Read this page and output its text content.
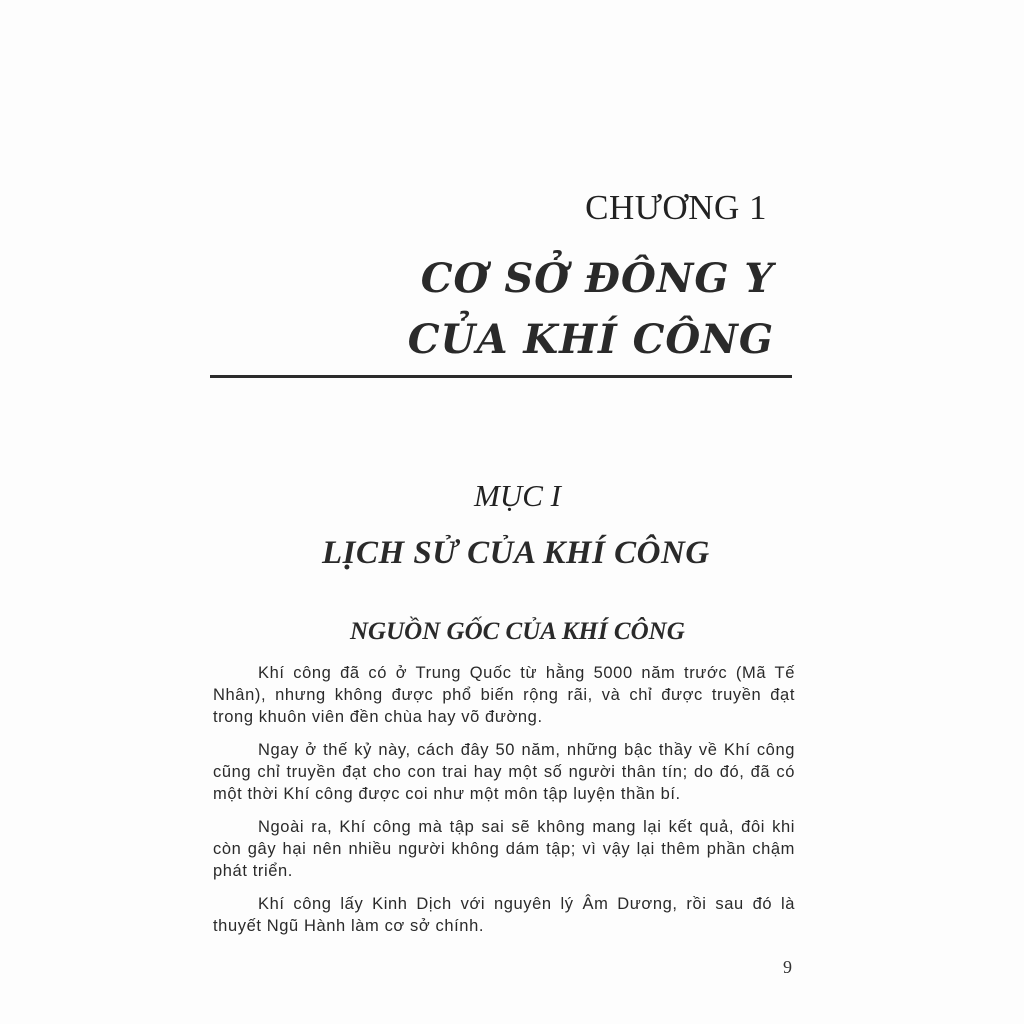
CHƯƠNG 1
CƠ SỞ ĐÔNG Y
CỦA KHÍ CÔNG
MỤC I
LỊCH SỬ CỦA KHÍ CÔNG
NGUỒN GỐC CỦA KHÍ CÔNG

Khí công đã có ở Trung Quốc từ hằng 5000 năm trước (Mã Tế Nhân), nhưng không được phổ biến rộng rãi, và chỉ được truyền đạt trong khuôn viên đền chùa hay võ đường.

Ngay ở thế kỷ này, cách đây 50 năm, những bậc thầy về Khí công cũng chỉ truyền đạt cho con trai hay một số người thân tín; do đó, đã có một thời Khí công được coi như một môn tập luyện thần bí.

Ngoài ra, Khí công mà tập sai sẽ không mang lại kết quả, đôi khi còn gây hại nên nhiều người không dám tập; vì vậy lại thêm phần chậm phát triển.

Khí công lấy Kinh Dịch với nguyên lý Âm Dương, rồi sau đó là thuyết Ngũ Hành làm cơ sở chính.

9
